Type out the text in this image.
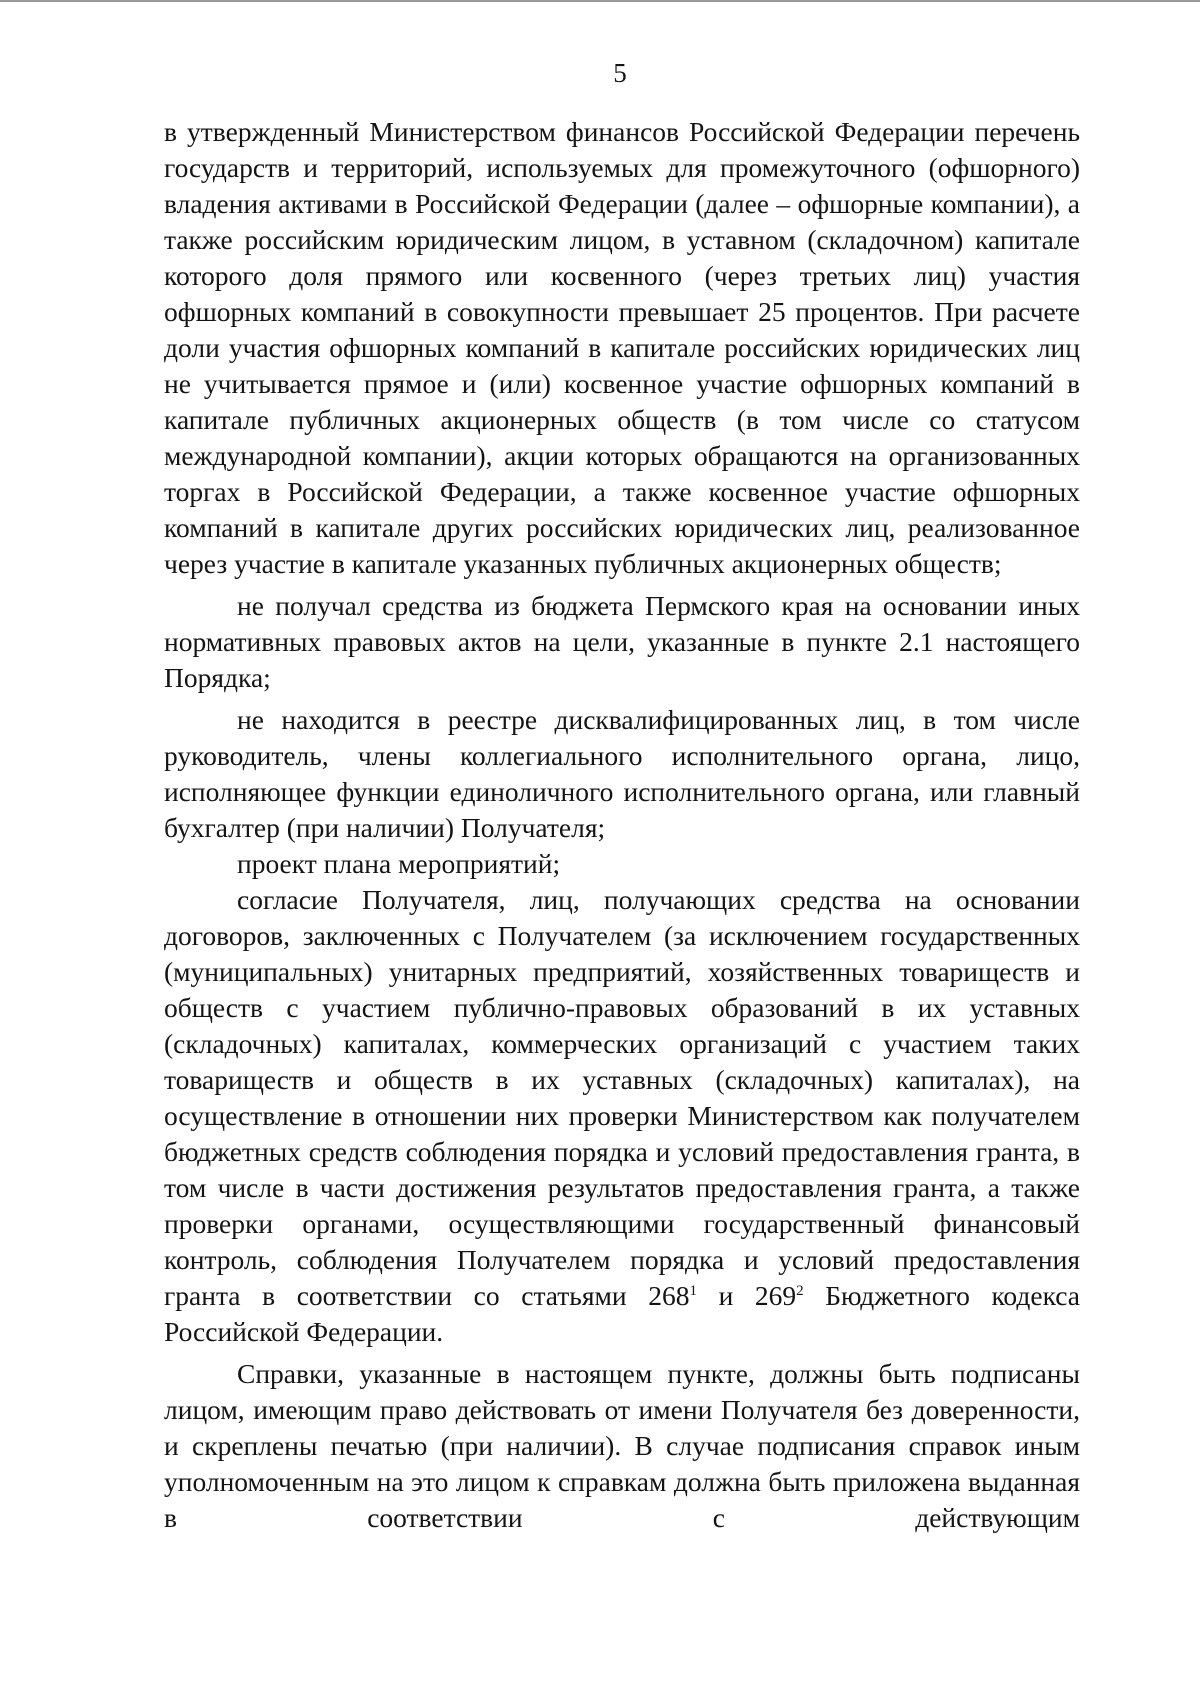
5

в утвержденный Министерством финансов Российской Федерации перечень государств и территорий, используемых для промежуточного (офшорного) владения активами в Российской Федерации (далее – офшорные компании), а также российским юридическим лицом, в уставном (складочном) капитале которого доля прямого или косвенного (через третьих лиц) участия офшорных компаний в совокупности превышает 25 процентов. При расчете доли участия офшорных компаний в капитале российских юридических лиц не учитывается прямое и (или) косвенное участие офшорных компаний в капитале публичных акционерных обществ (в том числе со статусом международной компании), акции которых обращаются на организованных торгах в Российской Федерации, а также косвенное участие офшорных компаний в капитале других российских юридических лиц, реализованное через участие в капитале указанных публичных акционерных обществ;

не получал средства из бюджета Пермского края на основании иных нормативных правовых актов на цели, указанные в пункте 2.1 настоящего Порядка;

не находится в реестре дисквалифицированных лиц, в том числе руководитель, члены коллегиального исполнительного органа, лицо, исполняющее функции единоличного исполнительного органа, или главный бухгалтер (при наличии) Получателя;

проект плана мероприятий;

согласие Получателя, лиц, получающих средства на основании договоров, заключенных с Получателем (за исключением государственных (муниципальных) унитарных предприятий, хозяйственных товариществ и обществ с участием публично-правовых образований в их уставных (складочных) капиталах, коммерческих организаций с участием таких товариществ и обществ в их уставных (складочных) капиталах), на осуществление в отношении них проверки Министерством как получателем бюджетных средств соблюдения порядка и условий предоставления гранта, в том числе в части достижения результатов предоставления гранта, а также проверки органами, осуществляющими государственный финансовый контроль, соблюдения Получателем порядка и условий предоставления гранта в соответствии со статьями $268^1$ и $269^2$ Бюджетного кодекса Российской Федерации.

Справки, указанные в настоящем пункте, должны быть подписаны лицом, имеющим право действовать от имени Получателя без доверенности, и скреплены печатью (при наличии). В случае подписания справок иным уполномоченным на это лицом к справкам должна быть приложена выданная в соответствии с действующим
